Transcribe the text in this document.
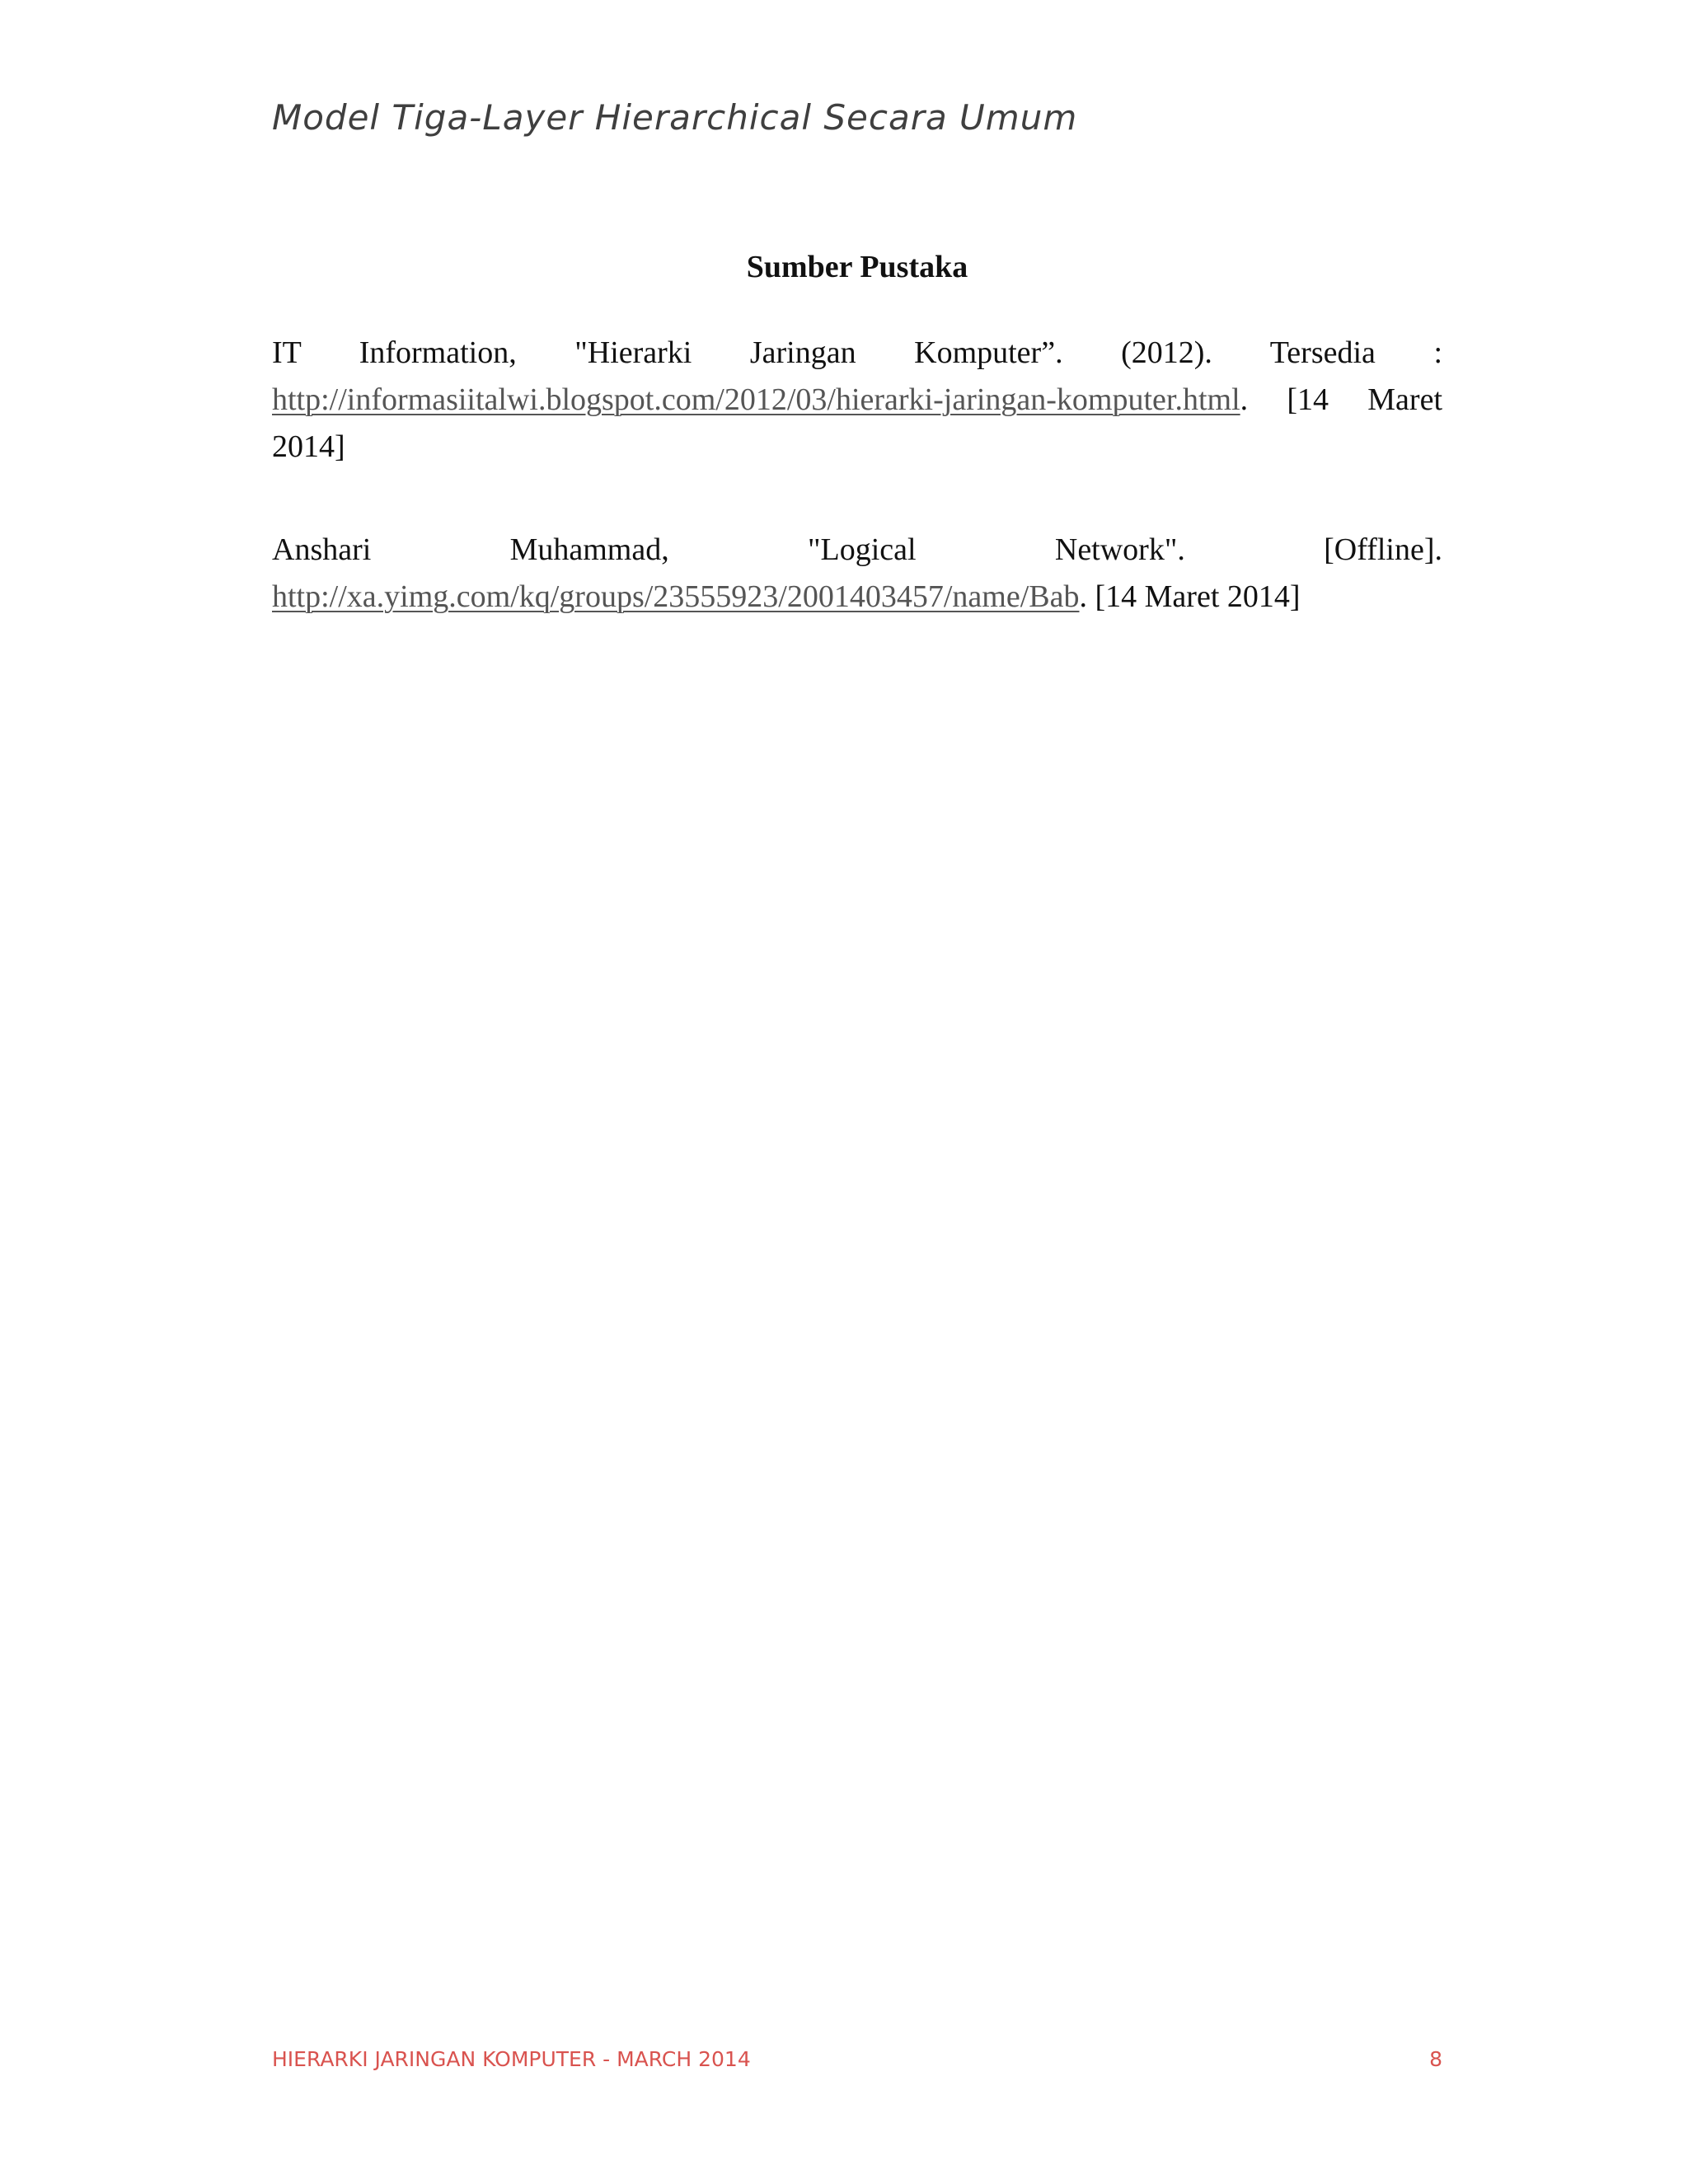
Model Tiga-Layer Hierarchical Secara Umum
Sumber Pustaka
IT Information, "Hierarki Jaringan Komputer”. (2012). Tersedia :
http://informasiitalwi.blogspot.com/2012/03/hierarki-jaringan-komputer.html. [14 Maret
2014]
Anshari	Muhammad,	"Logical	Network".	[Offline].
http://xa.yimg.com/kq/groups/23555923/2001403457/name/Bab. [14 Maret 2014]
HIERARKI JARINGAN KOMPUTER - MARCH 2014	8
